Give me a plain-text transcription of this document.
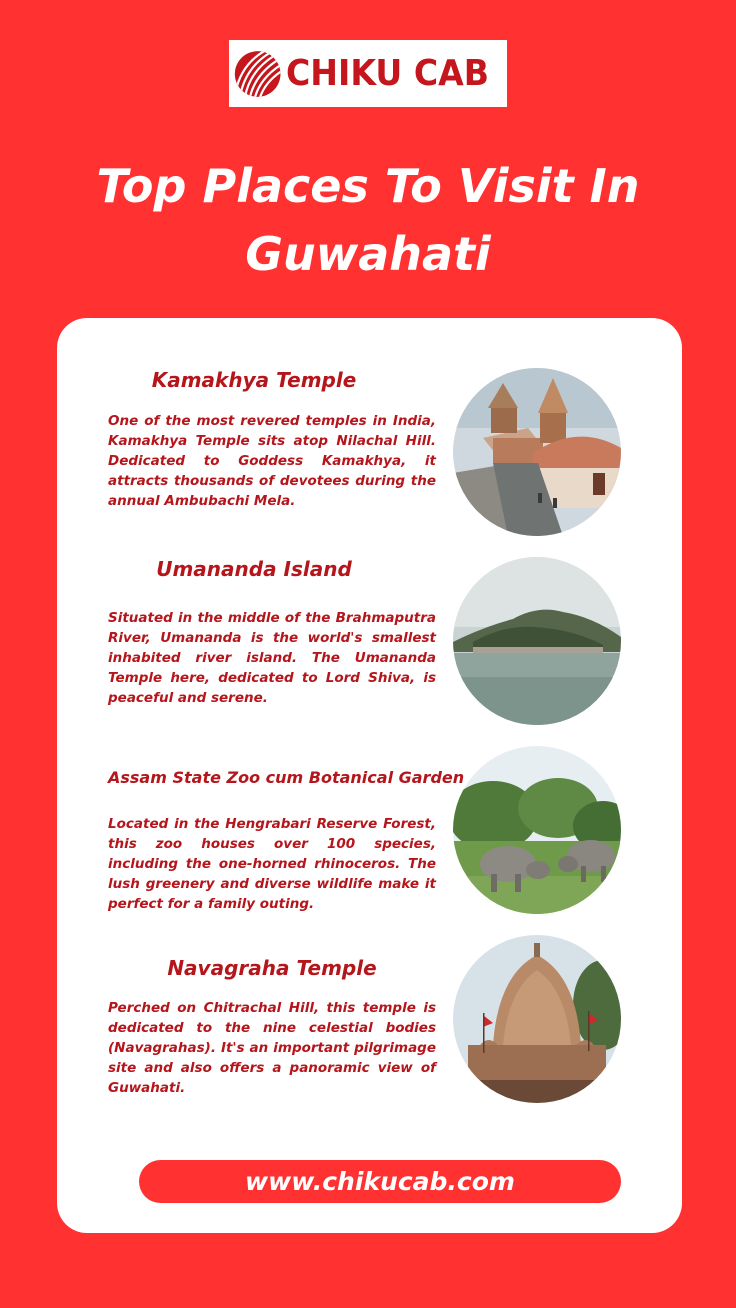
CHIKU CAB
Top Places To Visit In
Guwahati
Kamakhya Temple

One of the most revered temples in India, Kamakhya Temple sits atop Nilachal Hill. Dedicated to Goddess Kamakhya, it attracts thousands of devotees during the annual Ambubachi Mela.

Umananda Island

Situated in the middle of the Brahmaputra River, Umananda is the world's smallest inhabited river island. The Umananda Temple here, dedicated to Lord Shiva, is peaceful and serene.

Assam State Zoo cum Botanical Garden

Located in the Hengrabari Reserve Forest, this zoo houses over 100 species, including the one-horned rhinoceros. The lush greenery and diverse wildlife make it perfect for a family outing.

Navagraha Temple

Perched on Chitrachal Hill, this temple is dedicated to the nine celestial bodies (Navagrahas). It's an important pilgrimage site and also offers a panoramic view of Guwahati.

www.chikucab.com
